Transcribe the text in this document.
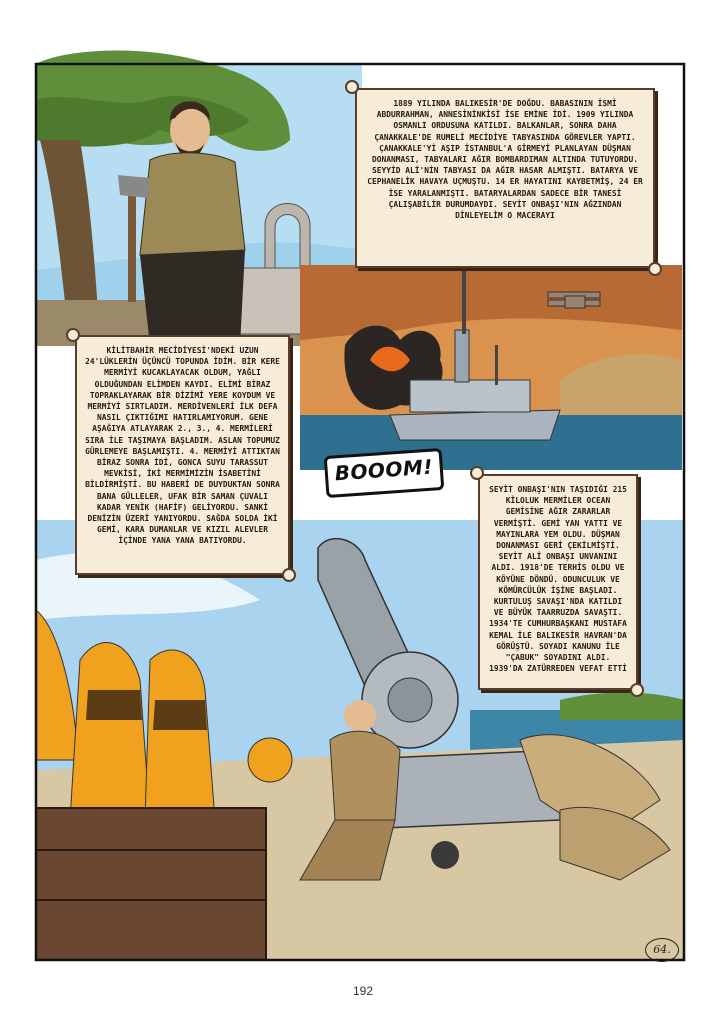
1889 YILINDA BALIKESİR'DE DOĞDU. BABASININ İSMİ ABDURRAHMAN, ANNESİNİNKİSİ İSE EMİNE İDİ. 1909 YILINDA OSMANLI ORDUSUNA KATILDI. BALKANLAR, SONRA DAHA ÇANAKKALE'DE RUMELİ MECİDİYE TABYASINDA GÖREVLER YAPTI. ÇANAKKALE'Yİ AŞIP İSTANBUL'A GİRMEYİ PLANLAYAN DÜŞMAN DONANMASI, TABYALARI AĞIR BOMBARDIMAN ALTINDA TUTUYORDU. SEYYİD ALİ'NİN TABYASI DA AĞIR HASAR ALMIŞTI. BATARYA VE CEPHANELİK HAVAYA UÇMUŞTU. 14 ER HAYATINI KAYBETMİŞ, 24 ER İSE YARALANMIŞTI. BATARYALARDAN SADECE BİR TANESİ ÇALIŞABİLİR DURUMDAYDI. SEYİT ONBAŞI'NIN AĞZINDAN DİNLEYELİM O MACERAYI

KİLİTBAHİR MECİDİYESİ'NDEKİ UZUN 24'LÜKLERİN ÜÇÜNCÜ TOPUNDA İDİM. BİR KERE MERMİYİ KUCAKLAYACAK OLDUM, YAĞLI OLDUĞUNDAN ELİMDEN KAYDI. ELİMİ BİRAZ TOPRAKLAYARAK BİR DİZİMİ YERE KOYDUM VE MERMİYİ SIRTLADIM. MERDİVENLERİ İLK DEFA NASIL ÇIKTIĞIMI HATIRLAMIYORUM. GENE AŞAĞIYA ATLAYARAK 2., 3., 4. MERMİLERİ SIRA İLE TAŞIMAYA BAŞLADIM. ASLAN TOPUMUZ GÜRLEMEYE BAŞLAMIŞTI. 4. MERMİYİ ATTIKTAN BİRAZ SONRA İDİ, GONCA SUYU TARASSUT MEVKİSİ, İKİ MERMİMİZİN İSABETİNİ BİLDİRMİŞTİ. BU HABERİ DE DUYDUKTAN SONRA BANA GÜLLELER, UFAK BİR SAMAN ÇUVALI KADAR YENİK (HAFİF) GELİYORDU. SANKİ DENİZİN ÜZERİ YANIYORDU. SAĞDA SOLDA İKİ GEMİ, KARA DUMANLAR VE KIZIL ALEVLER İÇİNDE YANA YANA BATIYORDU.

SEYİT ONBAŞI'NIN TAŞIDIĞI 215 KİLOLUK MERMİLER OCEAN GEMİSİNE AĞIR ZARARLAR VERMİŞTİ. GEMİ YAN YATTI VE MAYINLARA YEM OLDU. DÜŞMAN DONANMASI GERİ ÇEKİLMİŞTİ. SEYİT ALİ ONBAŞI UNVANINI ALDI. 1918'DE TERHİS OLDU VE KÖYÜNE DÖNDÜ. ODUNCULUK VE KÖMÜRCÜLÜK İŞİNE BAŞLADI. KURTULUŞ SAVAŞI'NDA KATILDI VE BÜYÜK TAARRUZDA SAVAŞTI. 1934'TE CUMHURBAŞKANI MUSTAFA KEMAL İLE BALIKESİR HAVRAN'DA GÖRÜŞTÜ. SOYADI KANUNU İLE "ÇABUK" SOYADINI ALDI. 1939'DA ZATÜRREDEN VEFAT ETTİ

BOOOM!
64.
192
